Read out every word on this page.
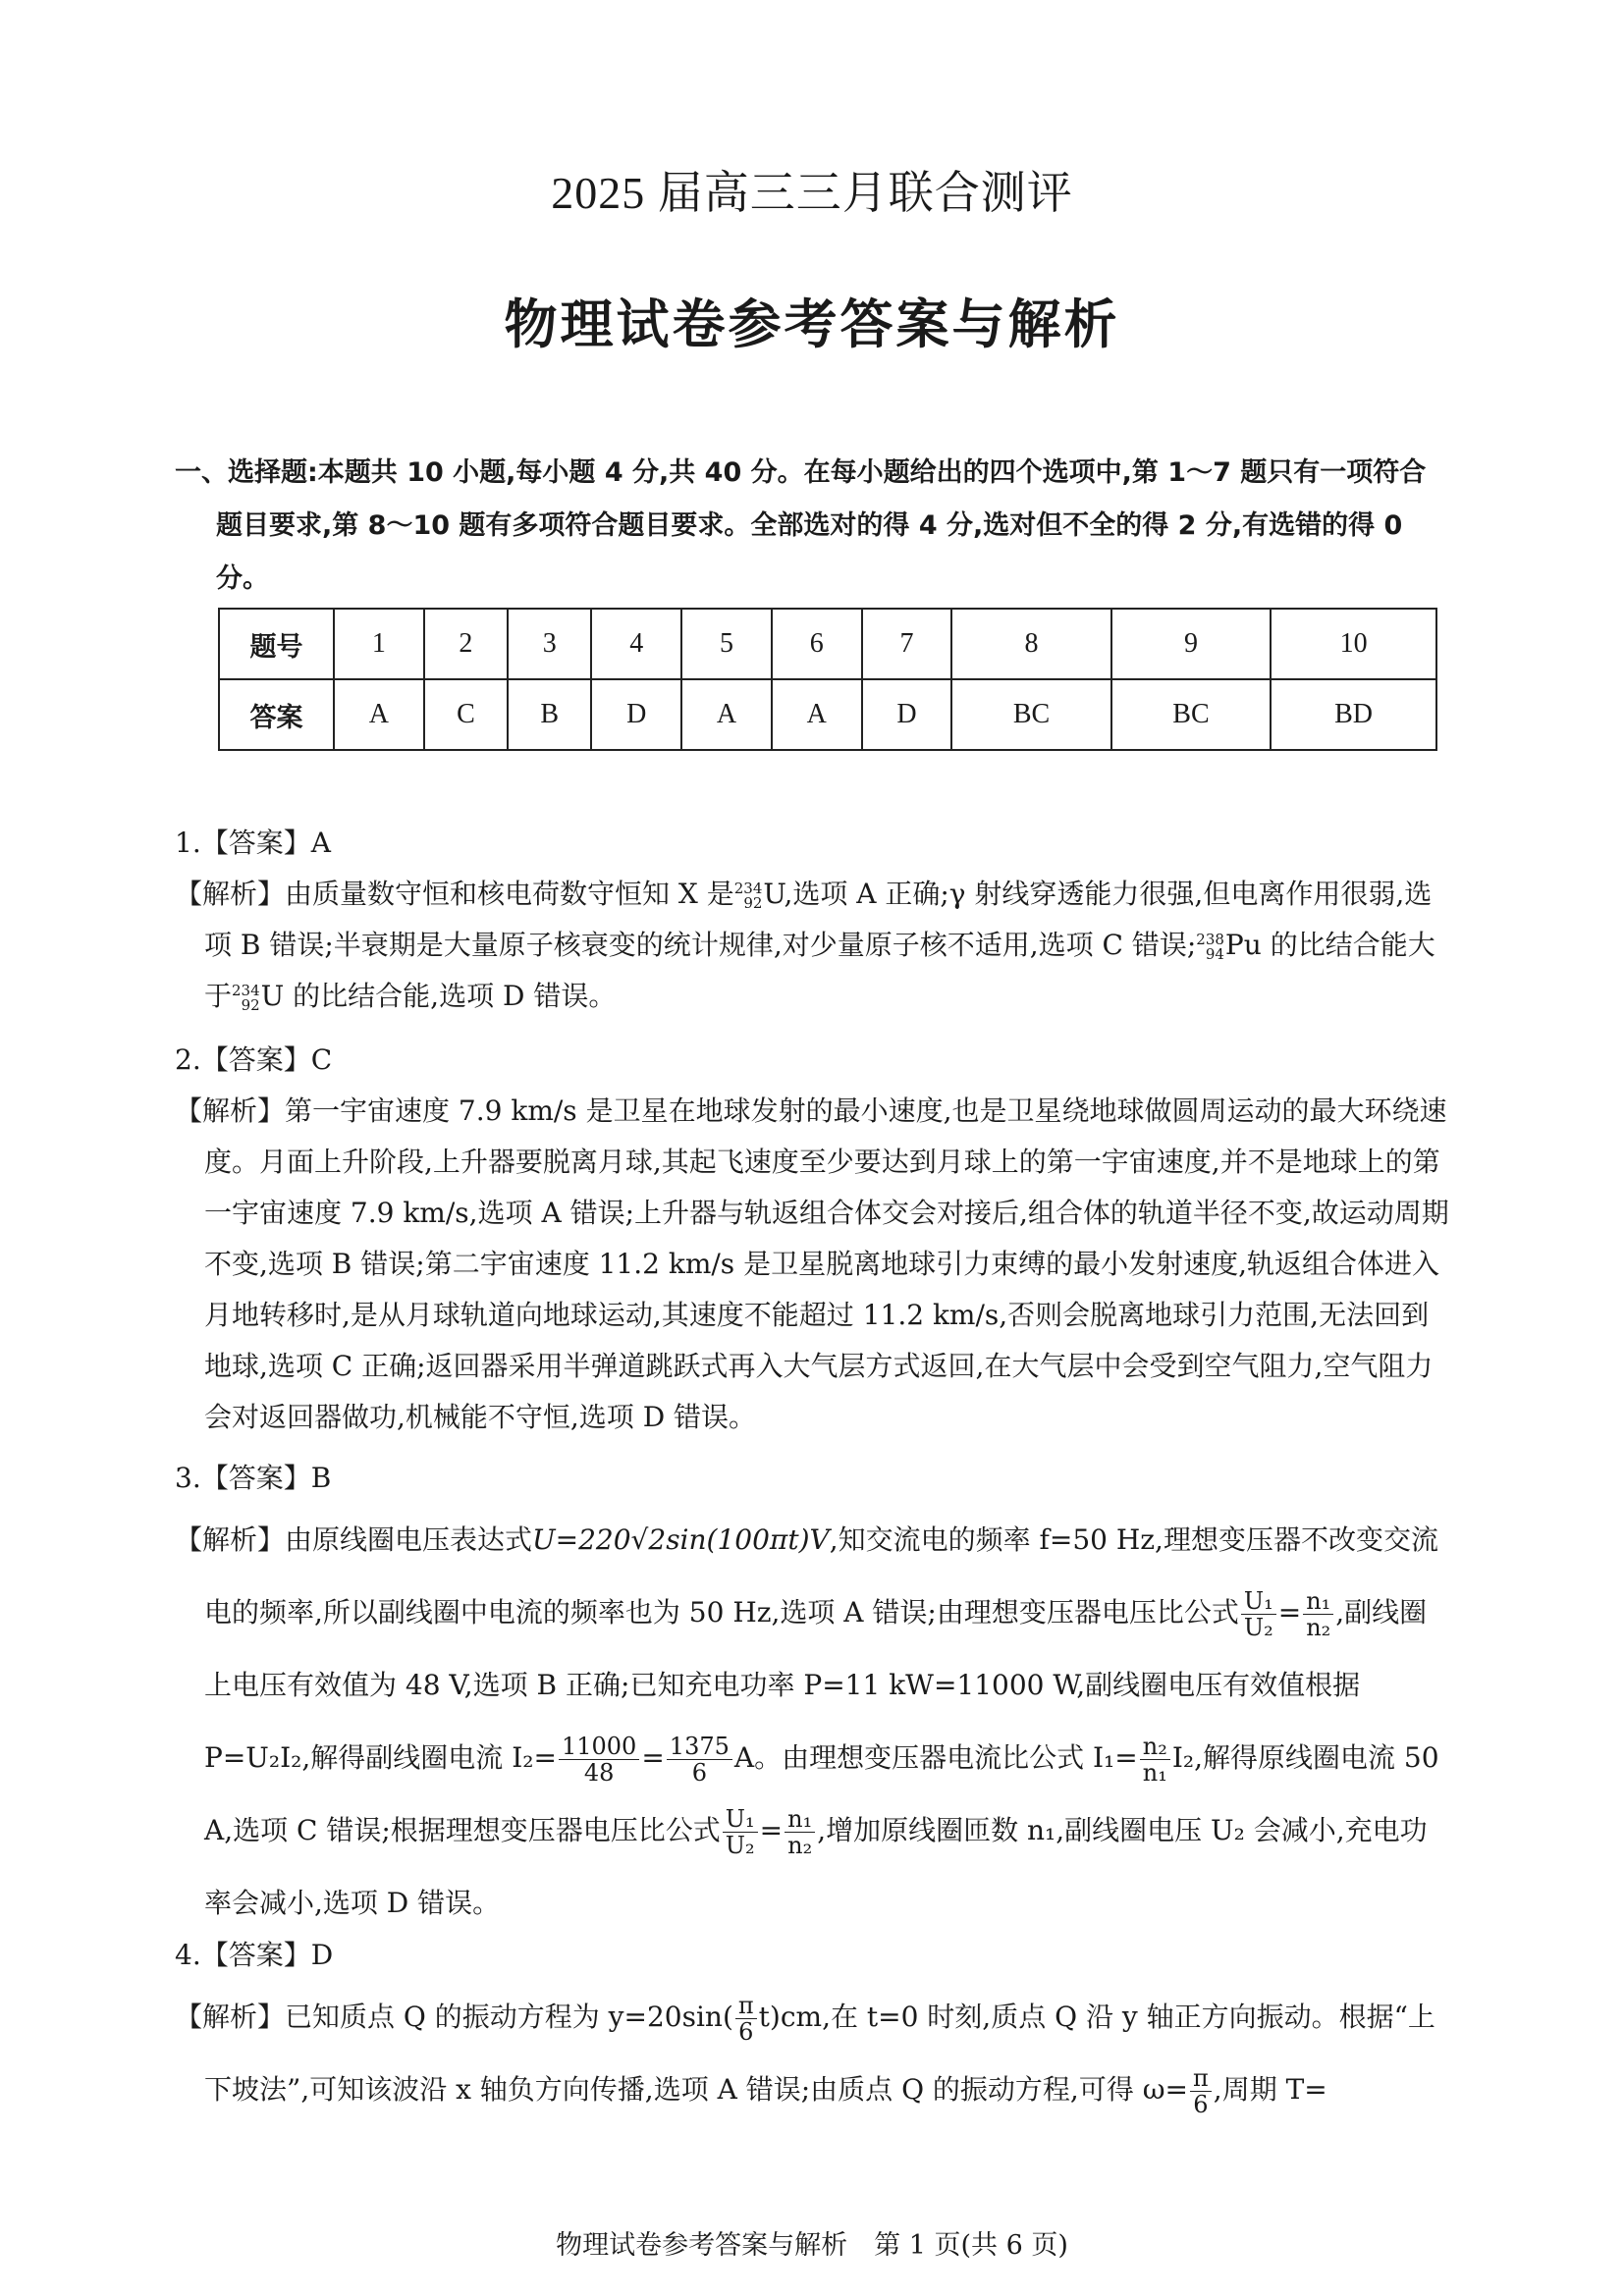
2025 届高三三月联合测评
物理试卷参考答案与解析
一、选择题:本题共 10 小题,每小题 4 分,共 40 分。在每小题给出的四个选项中,第 1～7 题只有一项符合题目要求,第 8～10 题有多项符合题目要求。全部选对的得 4 分,选对但不全的得 2 分,有选错的得 0 分。
题号	1	2	3	4	5	6	7	8	9	10
答案	A	C	B	D	A	A	D	BC	BC	BD
1.【答案】A
【解析】由质量数守恒和核电荷数守恒知 X 是 234
92 U,选项 A 正确;γ 射线穿透能力很强,但电离作用很弱,选项 B 错误;半衰期是大量原子核衰变的统计规律,对少量原子核不适用,选项 C 错误; 238
94 Pu 的比结合能大于 234
92 U 的比结合能,选项 D 错误。
2.【答案】C
【解析】第一宇宙速度 7.9 km/s 是卫星在地球发射的最小速度,也是卫星绕地球做圆周运动的最大环绕速度。月面上升阶段,上升器要脱离月球,其起飞速度至少要达到月球上的第一宇宙速度,并不是地球上的第一宇宙速度 7.9 km/s,选项 A 错误;上升器与轨返组合体交会对接后,组合体的轨道半径不变,故运动周期不变,选项 B 错误;第二宇宙速度 11.2 km/s 是卫星脱离地球引力束缚的最小发射速度,轨返组合体进入月地转移时,是从月球轨道向地球运动,其速度不能超过 11.2 km/s,否则会脱离地球引力范围,无法回到地球,选项 C 正确;返回器采用半弹道跳跃式再入大气层方式返回,在大气层中会受到空气阻力,空气阻力会对返回器做功,机械能不守恒,选项 D 错误。
3.【答案】B
【解析】由原线圈电压表达式U=220√2sin(100πt)V,知交流电的频率 f=50 Hz,理想变压器不改变交流电的频率,所以副线圈中电流的频率也为 50 Hz,选项 A 错误;由理想变压器电压比公式 $\frac{\text{U₁}}{\text{U₂}} = \frac{\text{n₁}}{\text{n₂}}$ ,副线圈上电压有效值为 48 V,选项 B 正确;已知充电功率 P=11 kW=11000 W,副线圈电压有效值根据 P=U₂I₂,解得副线圈电流 $I_2= \frac{11000}{48} = \frac{1375}{6}$ A。由理想变压器电流比公式 $I_1= \frac{\text{n₂}}{\text{n₁}} I_2$,解得原线圈电流 50 A,选项 C 错误;根据理想变压器电压比公式 $\frac{\text{U₁}}{\text{U₂}} = \frac{\text{n₁}}{\text{n₂}}$ ,增加原线圈匝数 n₁,副线圈电压 U₂ 会减小,充电功率会减小,选项 D 错误。
4.【答案】D
【解析】已知质点 Q 的振动方程为 $y=20\sin( \frac{\pi}{6} t)cm$,在 t=0 时刻,质点 Q 沿 y 轴正方向振动。根据“上下坡法”,可知该波沿 x 轴负方向传播,选项 A 错误;由质点 Q 的振动方程,可得 $\omega= \frac{\pi}{6}$ ,周期 T=
物理试卷参考答案与解析　第 1 页(共 6 页)
